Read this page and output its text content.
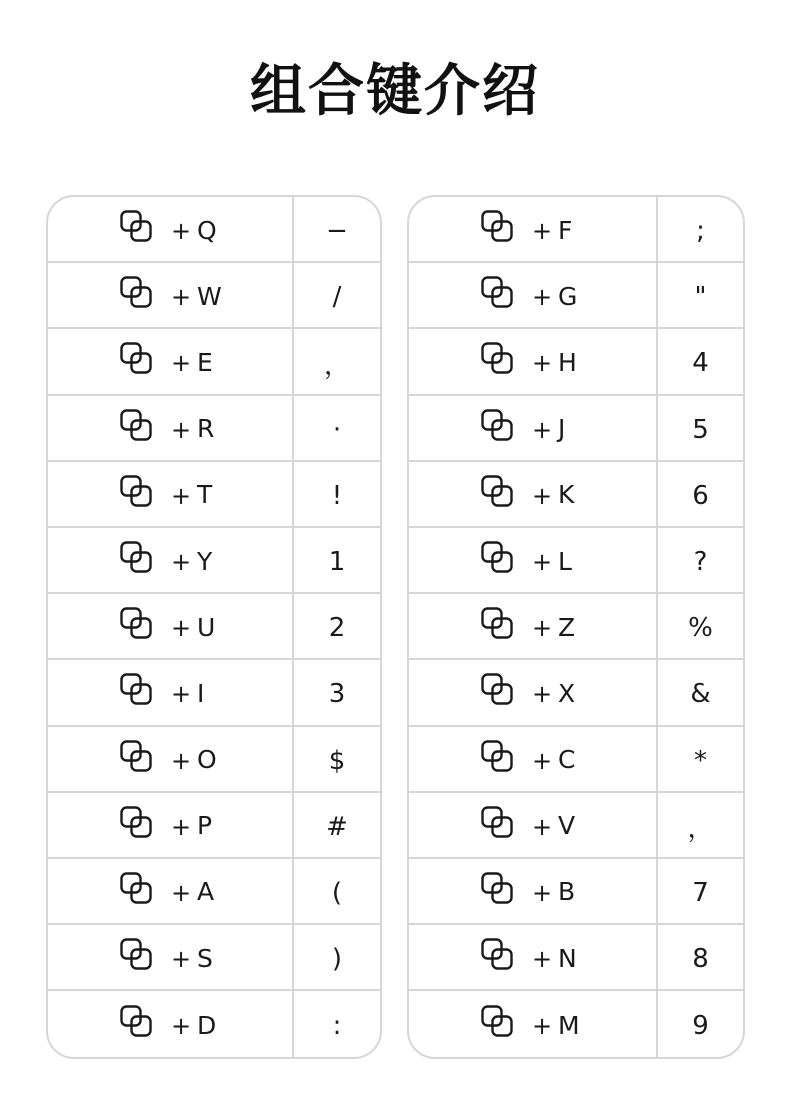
组合键介绍
+ Q	−
+ W	/
+ E	，
+ R	·
+ T	!
+ Y	1
+ U	2
+ I	3
+ O	$
+ P	#
+ A	(
+ S	)
+ D	:
+ F	;
+ G	"
+ H	4
+ J	5
+ K	6
+ L	?
+ Z	%
+ X	&
+ C	*
+ V	，
+ B	7
+ N	8
+ M	9
